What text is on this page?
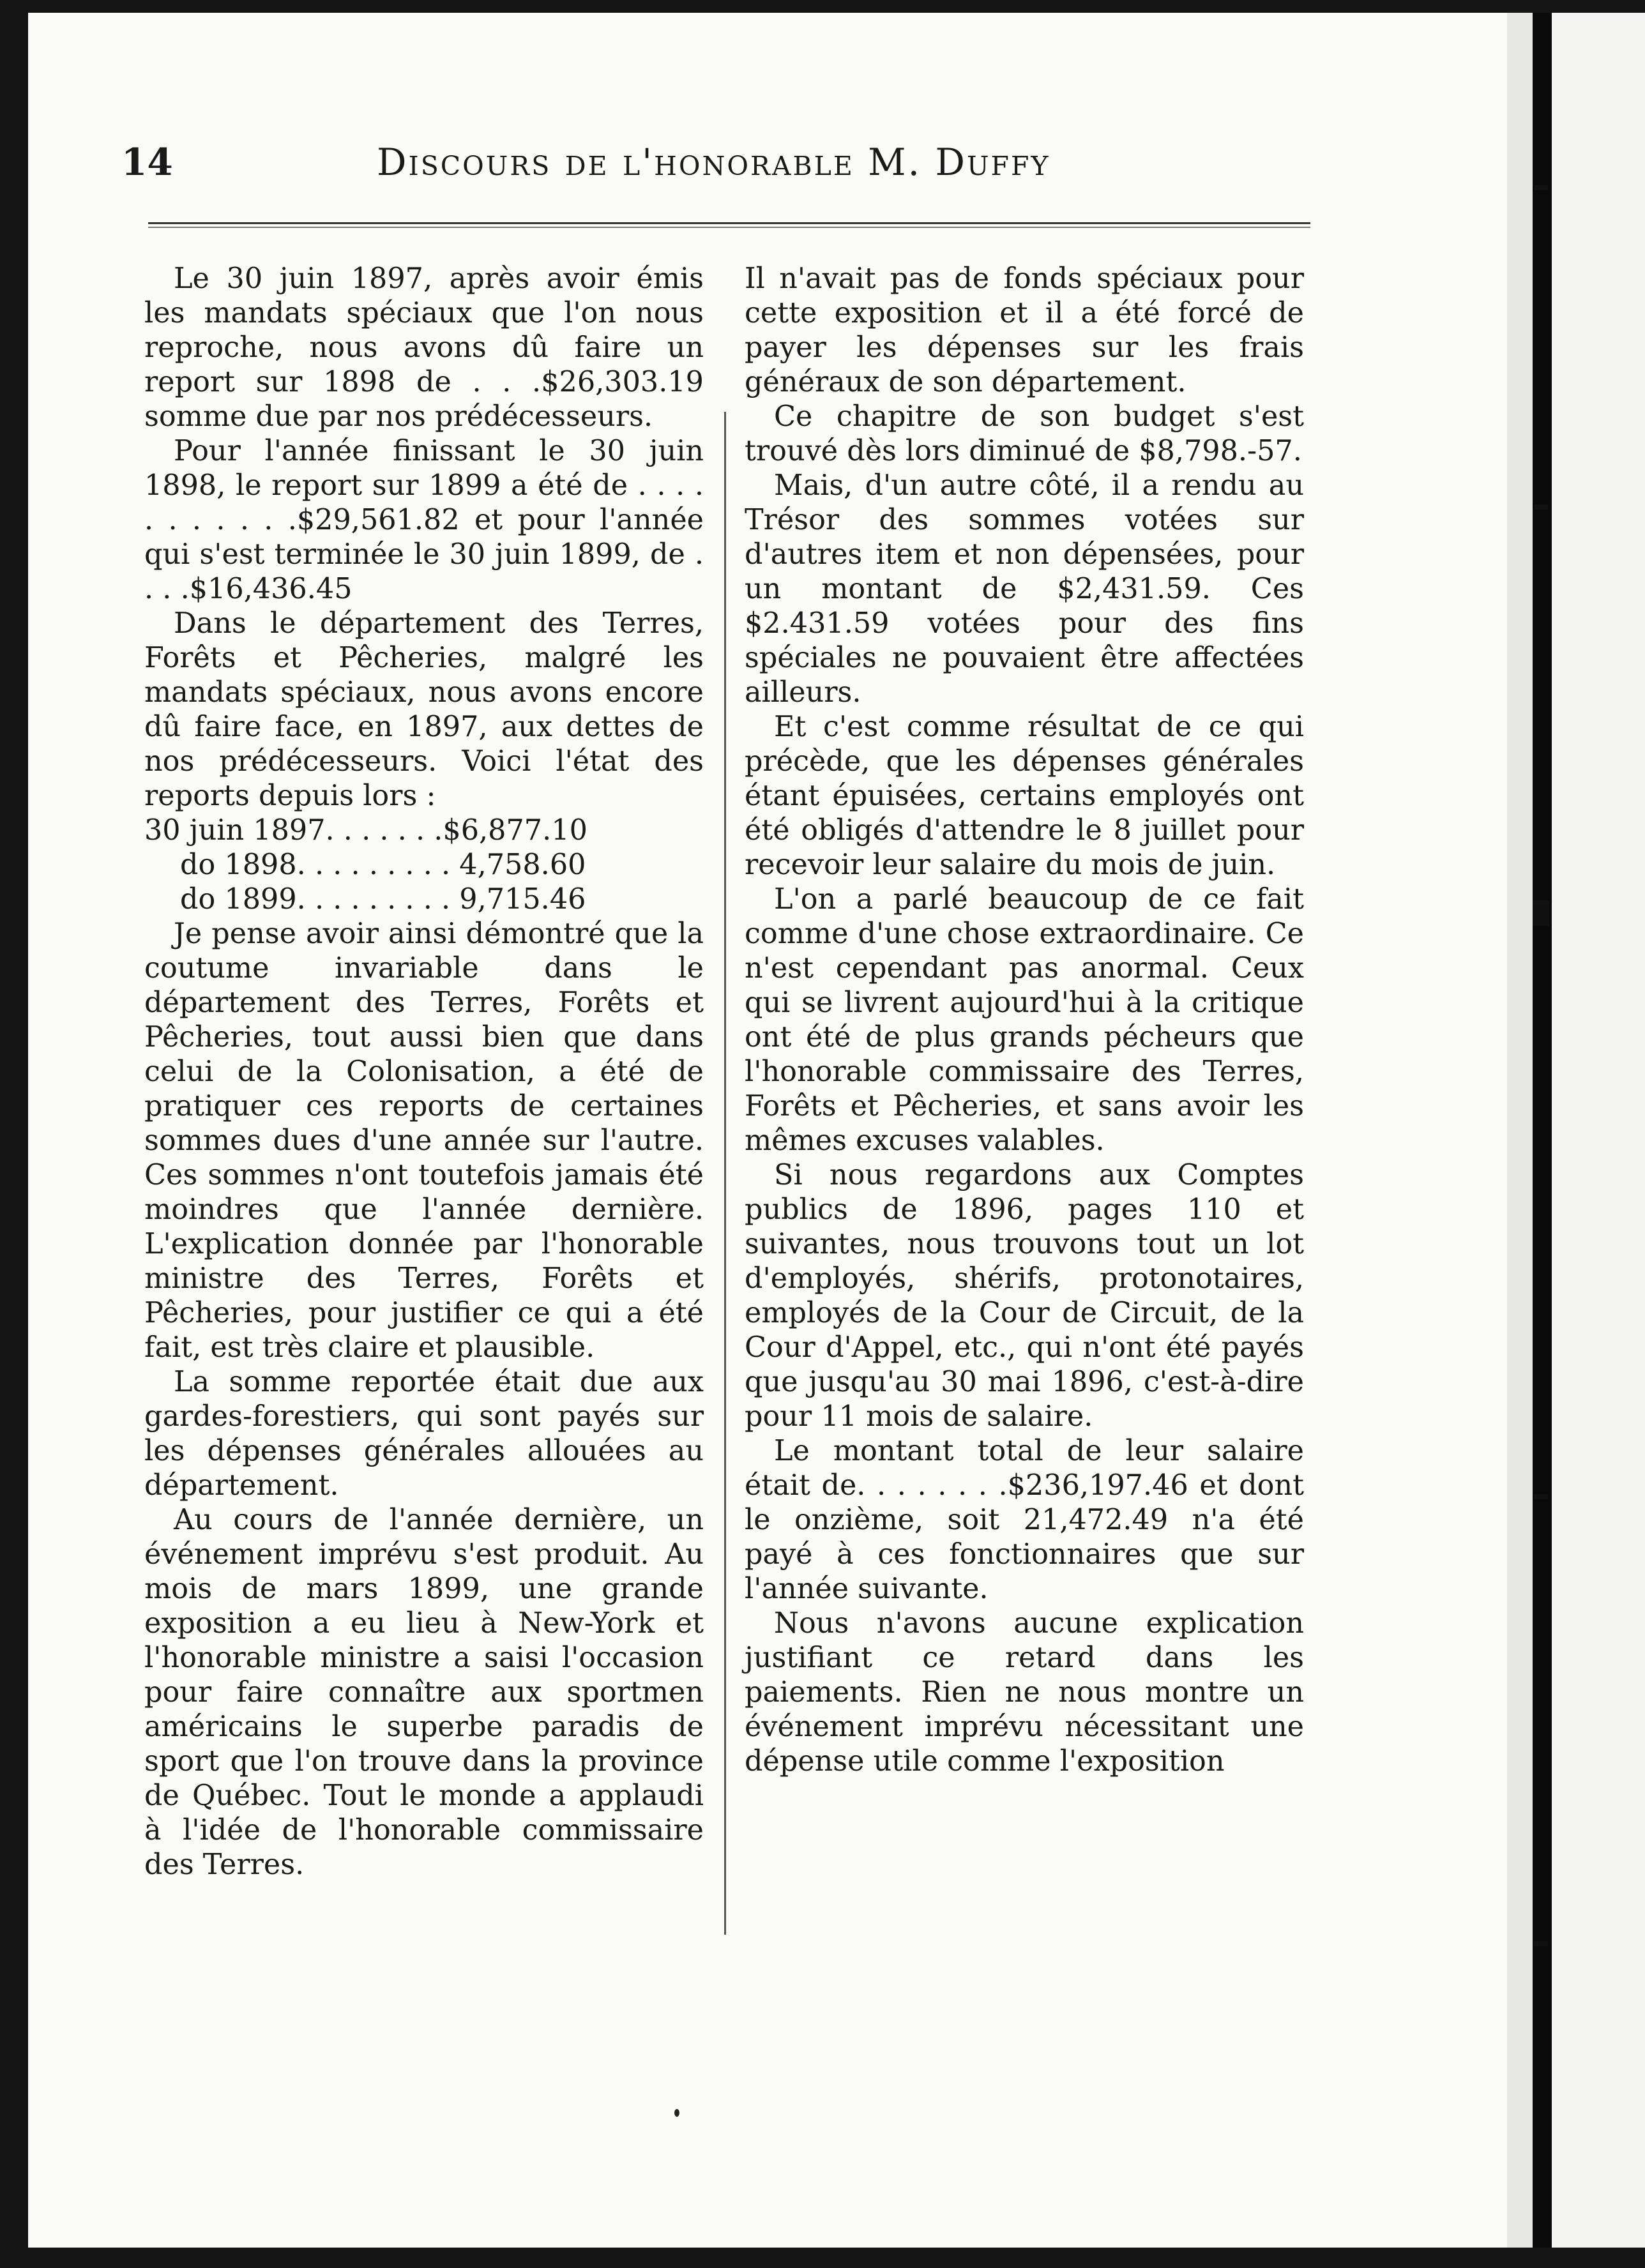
14	Discours de l'honorable M. Duffy

Le 30 juin 1897, après avoir émis les mandats spéciaux que l'on nous reproche, nous avons dû faire un report sur 1898 de . . .$26,303.19 somme due par nos prédécesseurs.

Pour l'année finissant le 30 juin 1898, le report sur 1899 a été de . . . . . . . . . . .$29,561.82 et pour l'année qui s'est terminée le 30 juin 1899, de . . . .$16,436.45

Dans le département des Terres, Forêts et Pêcheries, malgré les mandats spéciaux, nous avons encore dû faire face, en 1897, aux dettes de nos prédécesseurs. Voici l'état des reports depuis lors :

30 juin 1897. . . . . . .$6,877.10

do 1898. . . . . . . . . 4,758.60

do 1899. . . . . . . . . 9,715.46

Je pense avoir ainsi démontré que la coutume invariable dans le département des Terres, Forêts et Pêcheries, tout aussi bien que dans celui de la Colonisation, a été de pratiquer ces reports de certaines sommes dues d'une année sur l'autre. Ces sommes n'ont toutefois jamais été moindres que l'année dernière. L'explication donnée par l'honorable ministre des Terres, Forêts et Pêcheries, pour justifier ce qui a été fait, est très claire et plausible.

La somme reportée était due aux gardes-forestiers, qui sont payés sur les dépenses générales allouées au département.

Au cours de l'année dernière, un événement imprévu s'est produit. Au mois de mars 1899, une grande exposition a eu lieu à New-York et l'honorable ministre a saisi l'occasion pour faire connaître aux sportmen américains le superbe paradis de sport que l'on trouve dans la province de Québec. Tout le monde a applaudi à l'idée de l'honorable commissaire des Terres.

Il n'avait pas de fonds spéciaux pour cette exposition et il a été forcé de payer les dépenses sur les frais généraux de son département.

Ce chapitre de son budget s'est trouvé dès lors diminué de $8,798.-57.

Mais, d'un autre côté, il a rendu au Trésor des sommes votées sur d'autres item et non dépensées, pour un montant de $2,431.59. Ces $2.431.59 votées pour des fins spéciales ne pouvaient être affectées ailleurs.

Et c'est comme résultat de ce qui précède, que les dépenses générales étant épuisées, certains employés ont été obligés d'attendre le 8 juillet pour recevoir leur salaire du mois de juin.

L'on a parlé beaucoup de ce fait comme d'une chose extraordinaire. Ce n'est cependant pas anormal. Ceux qui se livrent aujourd'hui à la critique ont été de plus grands pécheurs que l'honorable commissaire des Terres, Forêts et Pêcheries, et sans avoir les mêmes excuses valables.

Si nous regardons aux Comptes publics de 1896, pages 110 et suivantes, nous trouvons tout un lot d'employés, shérifs, protonotaires, employés de la Cour de Circuit, de la Cour d'Appel, etc., qui n'ont été payés que jusqu'au 30 mai 1896, c'est-à-dire pour 11 mois de salaire.

Le montant total de leur salaire était de. . . . . . . .$236,197.46 et dont le onzième, soit 21,472.49 n'a été payé à ces fonctionnaires que sur l'année suivante.

Nous n'avons aucune explication justifiant ce retard dans les paiements. Rien ne nous montre un événement imprévu nécessitant une dépense utile comme l'exposition
